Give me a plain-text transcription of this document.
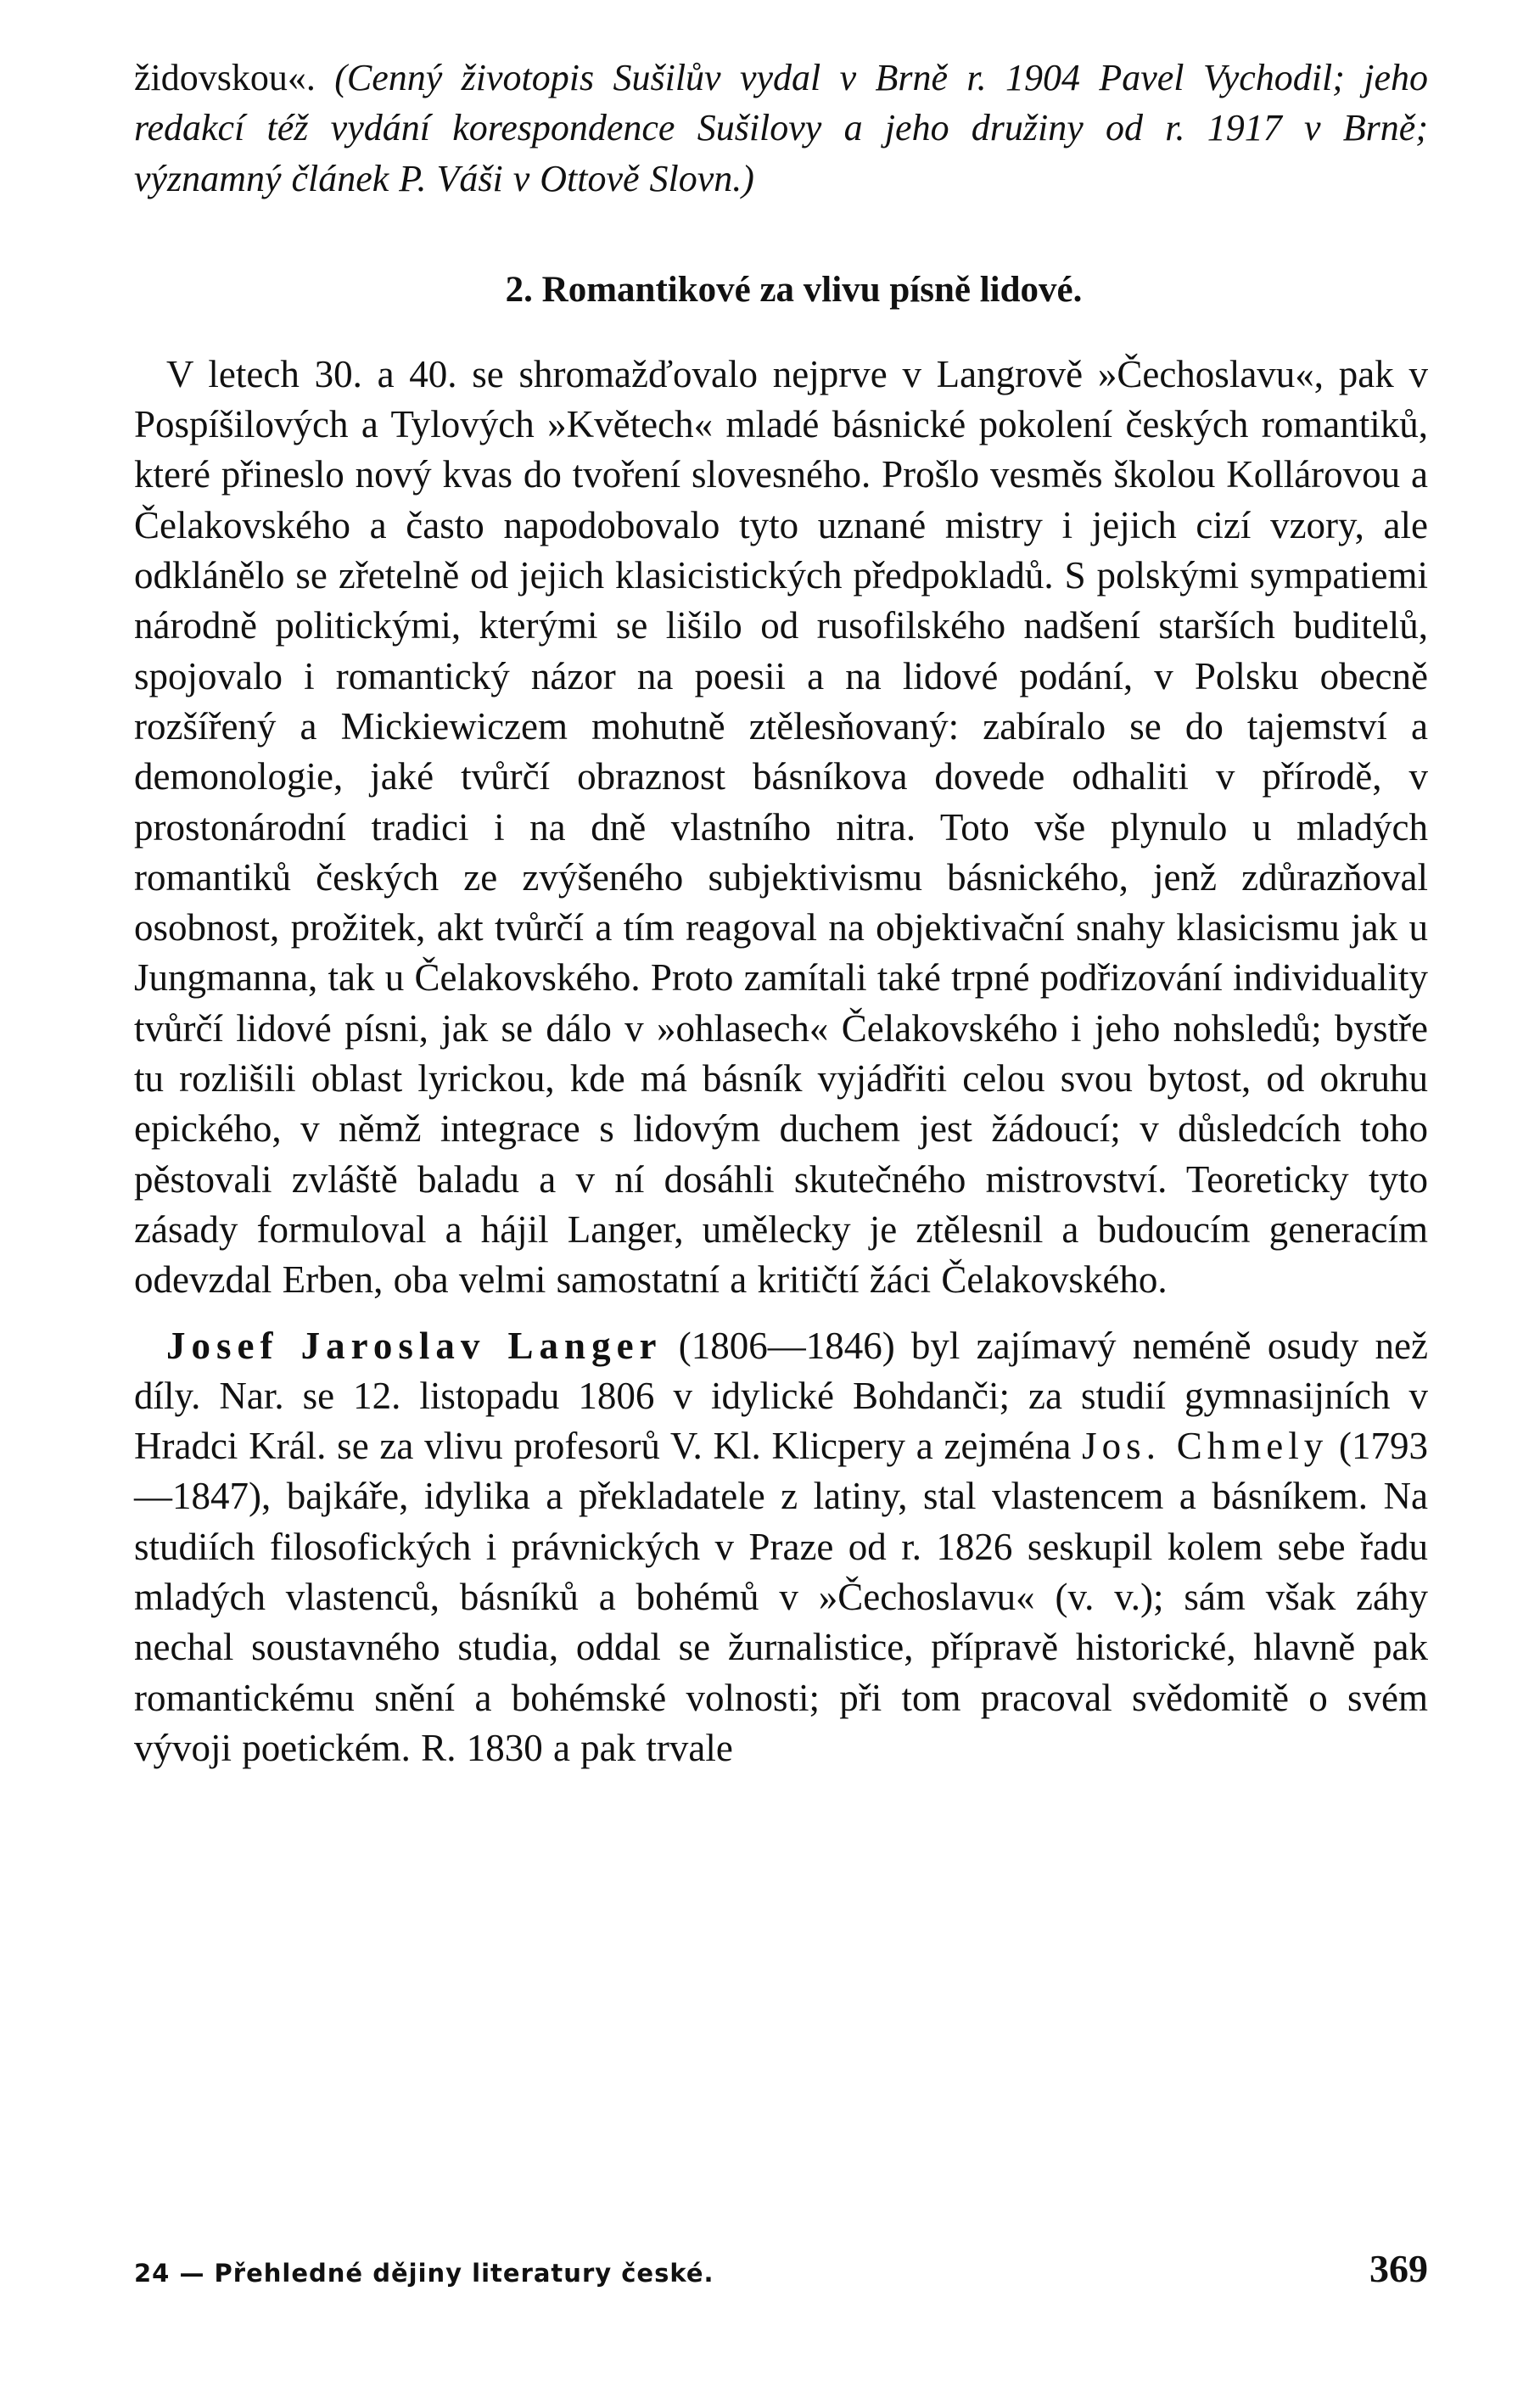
židovskou«. (Cenný životopis Sušilův vydal v Brně r. 1904 Pavel Vychodil; jeho redakcí též vydání korespondence Sušilovy a jeho družiny od r. 1917 v Brně; významný článek P. Váši v Ottově Slovn.)

2. Romantikové za vlivu písně lidové.

V letech 30. a 40. se shromažďovalo nejprve v Langrově »Čechoslavu«, pak v Pospíšilových a Tylových »Květech« mladé básnické pokolení českých romantiků, které přineslo nový kvas do tvoření slovesného. Prošlo vesměs školou Kollárovou a Čelakovského a často napodobovalo tyto uznané mistry i jejich cizí vzory, ale odklánělo se zřetelně od jejich klasicistických předpokladů. S polskými sympatiemi národně politickými, kterými se lišilo od rusofilského nadšení starších buditelů, spojovalo i romantický názor na poesii a na lidové podání, v Polsku obecně rozšířený a Mickiewiczem mohutně ztělesňovaný: zabíralo se do tajemství a demonologie, jaké tvůrčí obraznost básníkova dovede odhaliti v přírodě, v prostonárodní tradici i na dně vlastního nitra. Toto vše plynulo u mladých romantiků českých ze zvýšeného subjektivismu básnického, jenž zdůrazňoval osobnost, prožitek, akt tvůrčí a tím reagoval na objektivační snahy klasicismu jak u Jungmanna, tak u Čelakovského. Proto zamítali také trpné podřizování individuality tvůrčí lidové písni, jak se dálo v »ohlasech« Čelakovského i jeho nohsledů; bystře tu rozlišili oblast lyrickou, kde má básník vyjádřiti celou svou bytost, od okruhu epického, v němž integrace s lidovým duchem jest žádoucí; v důsledcích toho pěstovali zvláště baladu a v ní dosáhli skutečného mistrovství. Teoreticky tyto zásady formuloval a hájil Langer, umělecky je ztělesnil a budoucím generacím odevzdal Erben, oba velmi samostatní a kritičtí žáci Čelakovského.

Josef Jaroslav Langer (1806—1846) byl zajímavý neméně osudy než díly. Nar. se 12. listopadu 1806 v idylické Bohdanči; za studií gymnasijních v Hradci Král. se za vlivu profesorů V. Kl. Klicpery a zejména Jos. Chmely (1793—1847), bajkáře, idylika a překladatele z latiny, stal vlastencem a básníkem. Na studiích filosofických i právnických v Praze od r. 1826 seskupil kolem sebe řadu mladých vlastenců, básníků a bohémů v »Čechoslavu« (v. v.); sám však záhy nechal soustavného studia, oddal se žurnalistice, přípravě historické, hlavně pak romantickému snění a bohémské volnosti; při tom pracoval svědomitě o svém vývoji poetickém. R. 1830 a pak trvale

24 — Přehledné dějiny literatury české.	369
